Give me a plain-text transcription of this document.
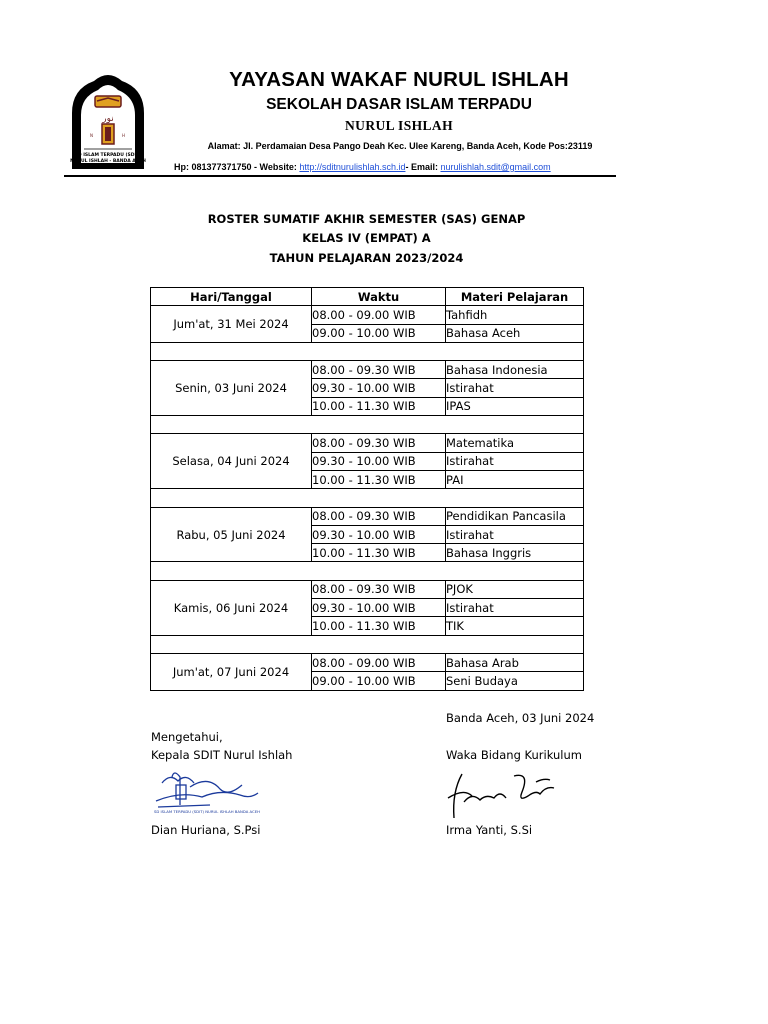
نور
N	H
SD ISLAM TERPADU (SDIT)
NURUL ISHLAH - BANDA ACEH
YAYASAN WAKAF NURUL ISHLAH
SEKOLAH DASAR ISLAM TERPADU
NURUL ISHLAH
Alamat: Jl. Perdamaian Desa Pango Deah Kec. Ulee Kareng, Banda Aceh, Kode Pos:23119
Hp: 081377371750 - Website: http://sditnurulishlah.sch.id- Email: nurulishlah.sdit@gmail.com
ROSTER SUMATIF AKHIR SEMESTER (SAS) GENAP
KELAS IV (EMPAT) A
TAHUN PELAJARAN 2023/2024
Hari/Tanggal	Waktu	Materi Pelajaran
Jum'at, 31 Mei 2024	08.00 - 09.00 WIB	Tahfidh
	09.00 - 10.00 WIB	Bahasa Aceh

Senin, 03 Juni 2024	08.00 - 09.30 WIB	Bahasa Indonesia
	09.30 - 10.00 WIB	Istirahat
	10.00 - 11.30 WIB	IPAS

Selasa, 04 Juni 2024	08.00 - 09.30 WIB	Matematika
	09.30 - 10.00 WIB	Istirahat
	10.00 - 11.30 WIB	PAI

Rabu, 05 Juni 2024	08.00 - 09.30 WIB	Pendidikan Pancasila
	09.30 - 10.00 WIB	Istirahat
	10.00 - 11.30 WIB	Bahasa Inggris

Kamis, 06 Juni 2024	08.00 - 09.30 WIB	PJOK
	09.30 - 10.00 WIB	Istirahat
	10.00 - 11.30 WIB	TIK

Jum'at, 07 Juni 2024	08.00 - 09.00 WIB	Bahasa Arab
	09.00 - 10.00 WIB	Seni Budaya
Banda Aceh, 03 Juni 2024
Mengetahui,
Kepala SDIT Nurul Ishlah	Waka Bidang Kurikulum
SD ISLAM TERPADU (SDIT) NURUL ISHLAH BANDA ACEH
Dian Huriana, S.Psi	Irma Yanti, S.Si
